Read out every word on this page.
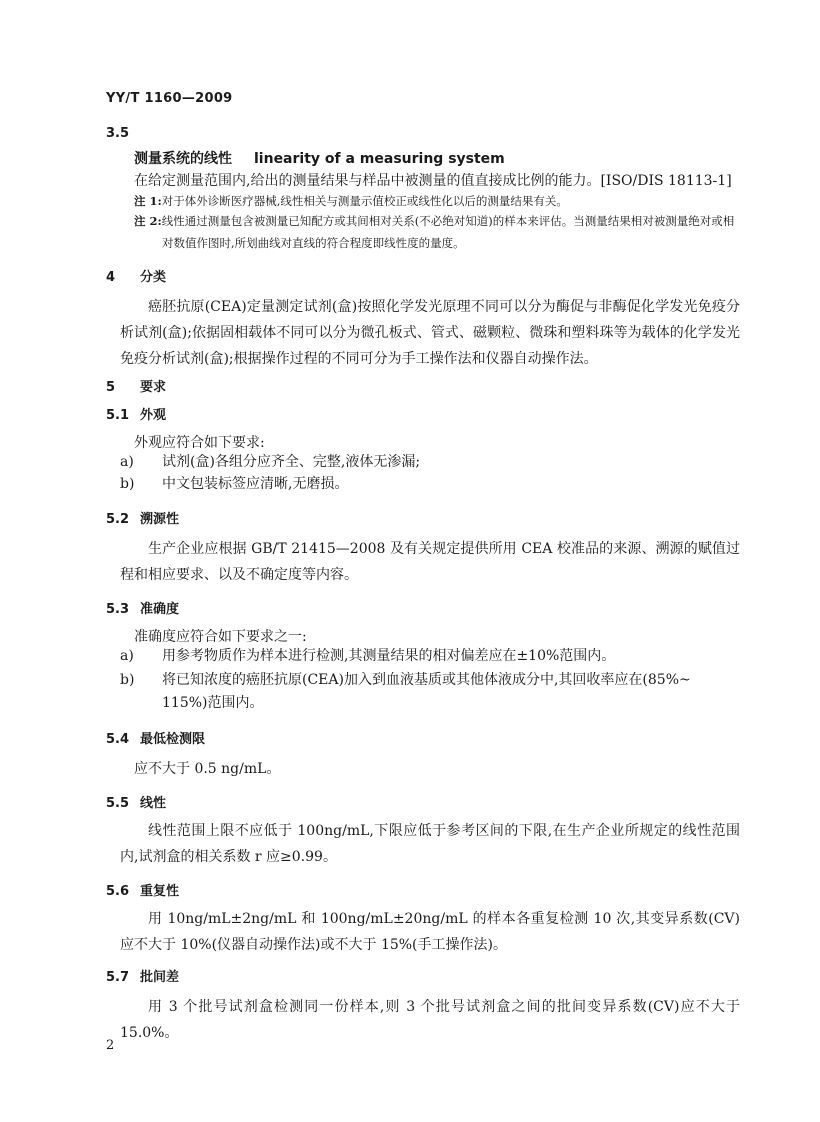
YY/T 1160—2009
3.5
测量系统的线性 linearity of a measuring system
在给定测量范围内,给出的测量结果与样品中被测量的值直接成比例的能力。[ISO/DIS 18113-1]
注 1:对于体外诊断医疗器械,线性相关与测量示值校正或线性化以后的测量结果有关。
注 2:线性通过测量包含被测量已知配方或其间相对关系(不必绝对知道)的样本来评估。当测量结果相对被测量绝对或相对数值作图时,所划曲线对直线的符合程度即线性度的量度。
4 分类
癌胚抗原(CEA)定量测定试剂(盒)按照化学发光原理不同可以分为酶促与非酶促化学发光免疫分析试剂(盒);依据固相载体不同可以分为微孔板式、管式、磁颗粒、微珠和塑料珠等为载体的化学发光免疫分析试剂(盒);根据操作过程的不同可分为手工操作法和仪器自动操作法。
5 要求
5.1 外观
外观应符合如下要求:
a) 试剂(盒)各组分应齐全、完整,液体无渗漏;
b) 中文包装标签应清晰,无磨损。
5.2 溯源性
生产企业应根据 GB/T 21415—2008 及有关规定提供所用 CEA 校准品的来源、溯源的赋值过程和相应要求、以及不确定度等内容。
5.3 准确度
准确度应符合如下要求之一:
a) 用参考物质作为样本进行检测,其测量结果的相对偏差应在±10%范围内。
b) 将已知浓度的癌胚抗原(CEA)加入到血液基质或其他体液成分中,其回收率应在(85%~
115%)范围内。
5.4 最低检测限
应不大于 0.5 ng/mL。
5.5 线性
线性范围上限不应低于 100ng/mL,下限应低于参考区间的下限,在生产企业所规定的线性范围内,试剂盒的相关系数 r 应≥0.99。
5.6 重复性
用 10ng/mL±2ng/mL 和 100ng/mL±20ng/mL 的样本各重复检测 10 次,其变异系数(CV)应不大于 10%(仪器自动操作法)或不大于 15%(手工操作法)。
5.7 批间差
用 3 个批号试剂盒检测同一份样本,则 3 个批号试剂盒之间的批间变异系数(CV)应不大于 15.0%。
2
